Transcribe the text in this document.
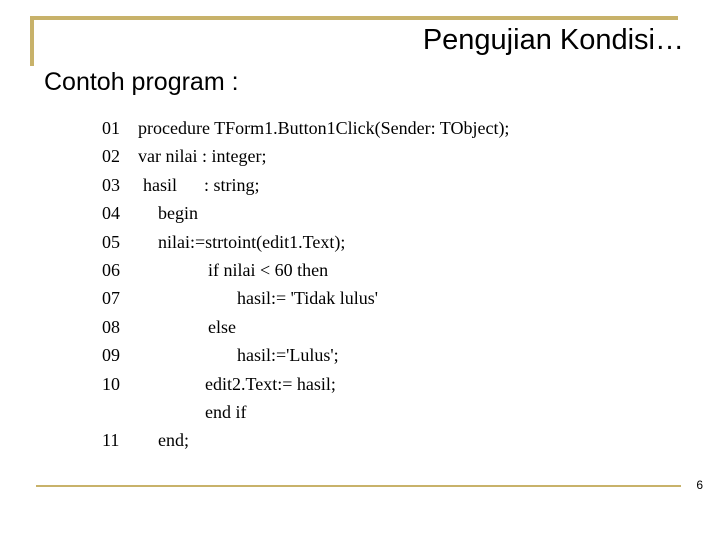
Pengujian Kondisi…
Contoh program :

01

procedure TForm1.Button1Click(Sender: TObject);

02

var nilai : integer;

03

hasil      : string;

04

begin

05

nilai:=strtoint(edit1.Text);

06

	if nilai < 60 then

07

	hasil:= 'Tidak lulus'

08

	else

09

	hasil:='Lulus';

10

	edit2.Text:= hasil;

end if

11

end;

6
